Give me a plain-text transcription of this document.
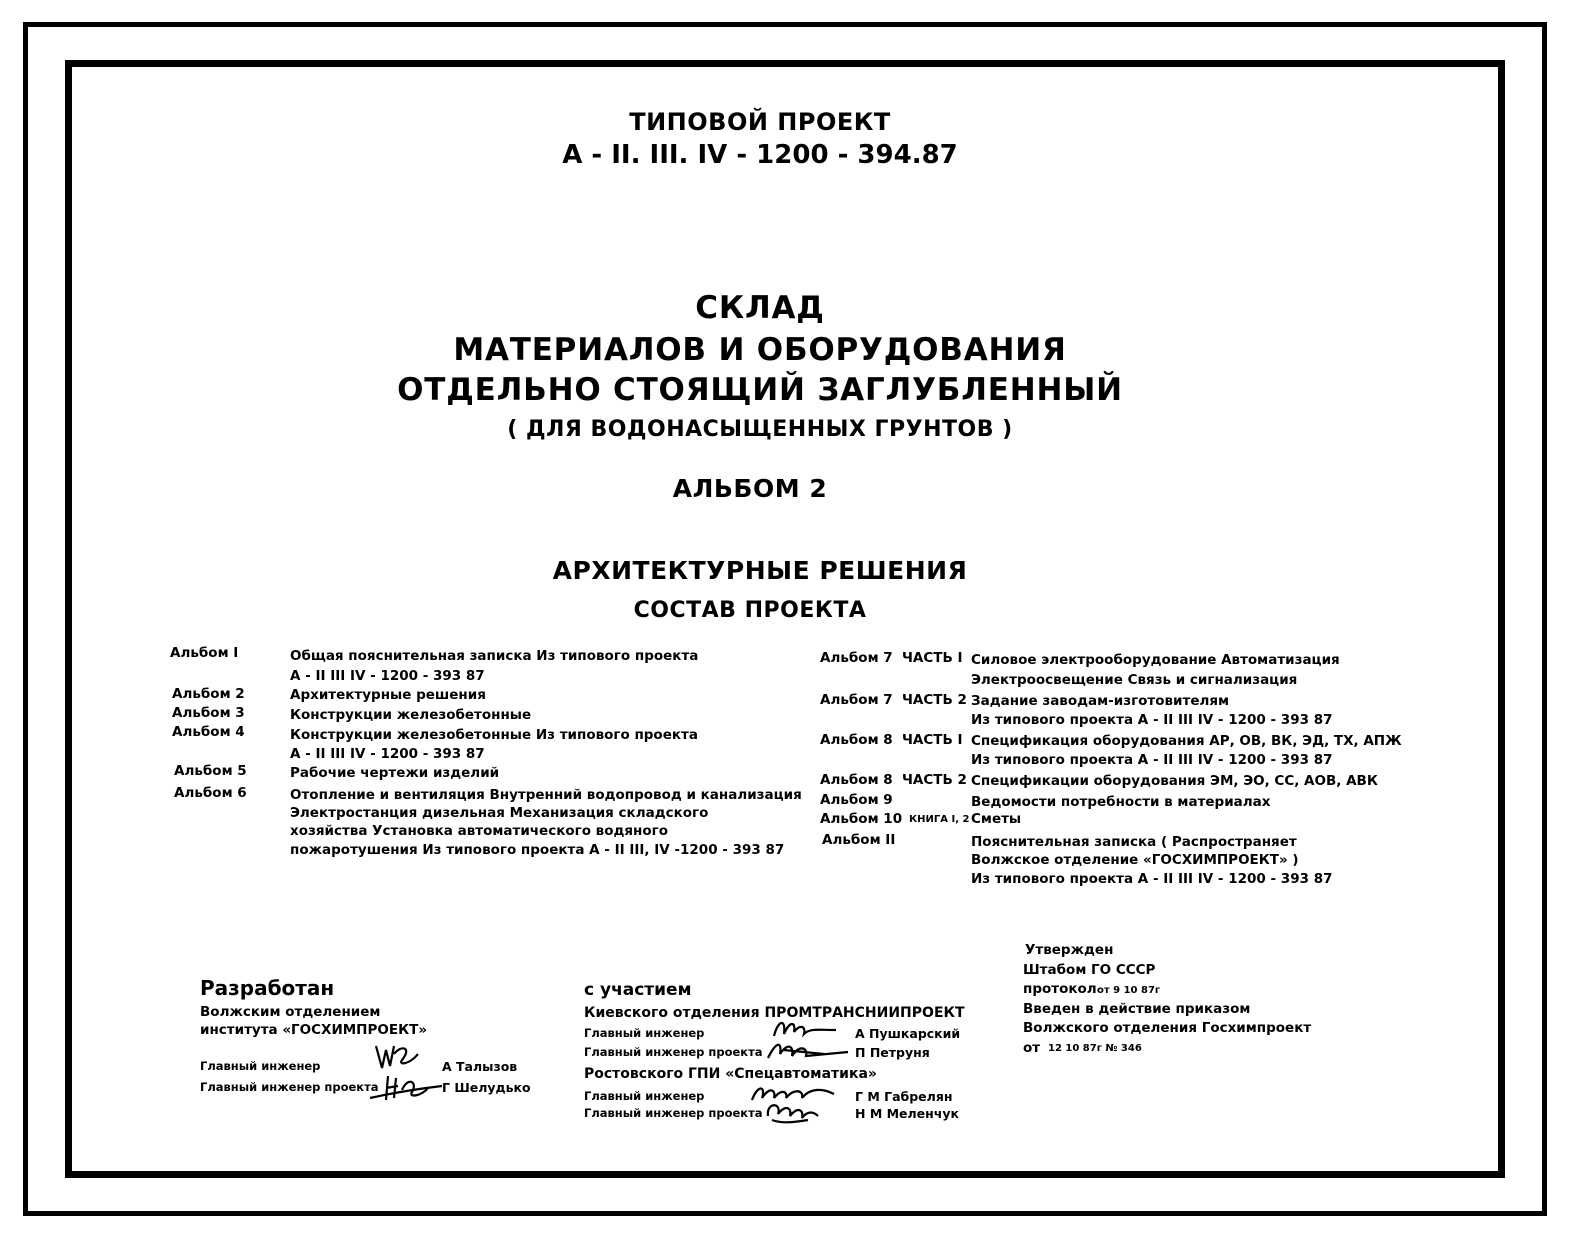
ТИПОВОЙ ПРОЕКТ
А - II. III. IV - 1200 - 394.87
СКЛАД
МАТЕРИАЛОВ И ОБОРУДОВАНИЯ
ОТДЕЛЬНО СТОЯЩИЙ ЗАГЛУБЛЕННЫЙ
( ДЛЯ ВОДОНАСЫЩЕННЫХ ГРУНТОВ )
АЛЬБОМ 2
АРХИТЕКТУРНЫЕ РЕШЕНИЯ
СОСТАВ ПРОЕКТА
Альбом I	Общая пояснительная записка Из типового проекта
А - II III IV - 1200 - 393 87
Альбом 2	Архитектурные решения
Альбом 3	Конструкции железобетонные
Альбом 4	Конструкции железобетонные Из типового проекта
А - II III IV - 1200 - 393 87
Альбом 5	Рабочие чертежи изделий
Альбом 6	Отопление и вентиляция Внутренний водопровод и канализация
Электростанция дизельная Механизация складского
хозяйства Установка автоматического водяного
пожаротушения Из типового проекта А - II III, IV -1200 - 393 87
Альбом 7 ЧАСТЬ I Силовое электрооборудование Автоматизация
Электроосвещение Связь и сигнализация
Альбом 7 ЧАСТЬ 2 Задание заводам-изготовителям
Из типового проекта А - II III IV - 1200 - 393 87
Альбом 8 ЧАСТЬ I Спецификация оборудования АР, ОВ, ВК, ЭД, ТХ, АПЖ
Из типового проекта А - II III IV - 1200 - 393 87
Альбом 8 ЧАСТЬ 2 Спецификации оборудования ЭМ, ЭО, СС, АОВ, АВК
Альбом 9	Ведомости потребности в материалах
Альбом 10 КНИГА I, 2 Сметы
Альбом II	Пояснительная записка ( Распространяет
Волжское отделение «ГОСХИМПРОЕКТ» )
Из типового проекта А - II III IV - 1200 - 393 87
Разработан
Волжским отделением
института «ГОСХИМПРОЕКТ»
Главный инженер	А Талызов
Главный инженер проекта	Г Шелудько
с участием
Киевского отделения ПРОМТРАНСНИИПРОЕКТ
Главный инженер	А Пушкарский
Главный инженер проекта	П Петруня
Ростовского ГПИ «Спецавтоматика»
Главный инженер	Г М Габрелян
Главный инженер проекта	Н М Меленчук
Утвержден
Штабом ГО СССР
протокол от 9 10 87г
Введен в действие приказом
Волжского отделения Госхимпроект
от 12 10 87г № 346
